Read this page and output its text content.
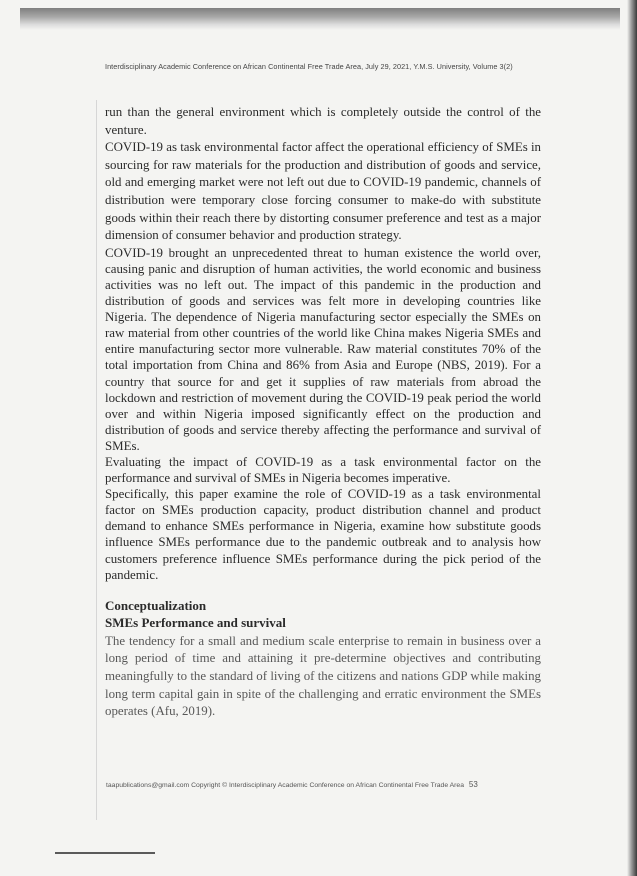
Interdisciplinary Academic Conference on African Continental Free Trade Area, July 29, 2021, Y.M.S. University, Volume 3(2)

run than the general environment which is completely outside the control of the venture.

COVID-19 as task environmental factor affect the operational efficiency of SMEs in sourcing for raw materials for the production and distribution of goods and service, old and emerging market were not left out due to COVID-19 pandemic, channels of distribution were temporary close forcing consumer to make-do with substitute goods within their reach there by distorting consumer preference and test as a major dimension of consumer behavior and production strategy.

COVID-19 brought an unprecedented threat to human existence the world over, causing panic and disruption of human activities, the world economic and business activities was no left out. The impact of this pandemic in the production and distribution of goods and services was felt more in developing countries like Nigeria. The dependence of Nigeria manufacturing sector especially the SMEs on raw material from other countries of the world like China makes Nigeria SMEs and entire manufacturing sector more vulnerable. Raw material constitutes 70% of the total importation from China and 86% from Asia and Europe (NBS, 2019). For a country that source for and get it supplies of raw materials from abroad the lockdown and restriction of movement during the COVID-19 peak period the world over and within Nigeria imposed significantly effect on the production and distribution of goods and service thereby affecting the performance and survival of SMEs.

Evaluating the impact of COVID-19 as a task environmental factor on the performance and survival of SMEs in Nigeria becomes imperative.

Specifically, this paper examine the role of COVID-19 as a task environmental factor on SMEs production capacity, product distribution channel and product demand to enhance SMEs performance in Nigeria, examine how substitute goods influence SMEs performance due to the pandemic outbreak and to analysis how customers preference influence SMEs performance during the pick period of the pandemic.

Conceptualization
SMEs Performance and survival

The tendency for a small and medium scale enterprise to remain in business over a long period of time and attaining it pre-determine objectives and contributing meaningfully to the standard of living of the citizens and nations GDP while making long term capital gain in spite of the challenging and erratic environment the SMEs operates (Afu, 2019).

taapublications@gmail.com Copyright © Interdisciplinary Academic Conference on African Continental Free Trade Area 53
